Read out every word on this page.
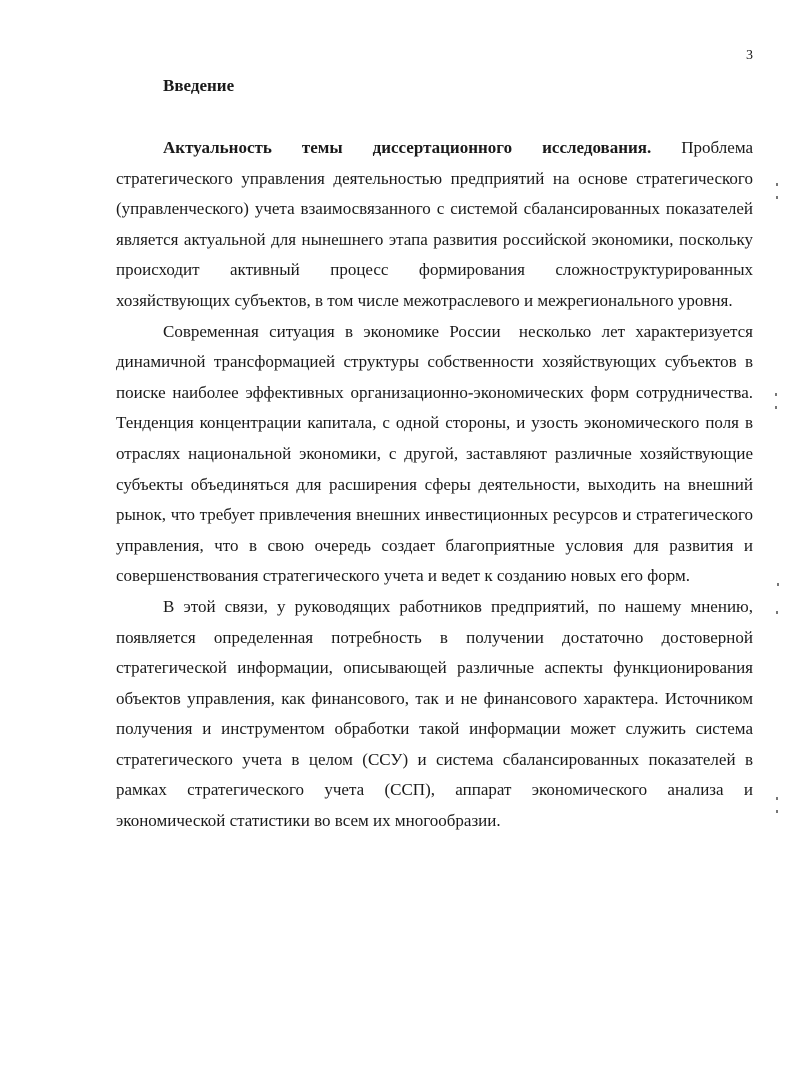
3
Введение

Актуальность темы диссертационного исследования. Проблема стратегического управления деятельностью предприятий на основе стратегического (управленческого) учета взаимосвязанного с системой сбалансированных показателей является актуальной для нынешнего этапа развития российской экономики, поскольку происходит активный процесс формирования сложноструктурированных хозяйствующих субъектов, в том числе межотраслевого и межрегионального уровня.

Современная ситуация в экономике России несколько лет характеризуется динамичной трансформацией структуры собственности хозяйствующих субъектов в поиске наиболее эффективных организационно-экономических форм сотрудничества. Тенденция концентрации капитала, с одной стороны, и узость экономического поля в отраслях национальной экономики, с другой, заставляют различные хозяйствующие субъекты объединяться для расширения сферы деятельности, выходить на внешний рынок, что требует привлечения внешних инвестиционных ресурсов и стратегического управления, что в свою очередь создает благоприятные условия для развития и совершенствования стратегического учета и ведет к созданию новых его форм.

В этой связи, у руководящих работников предприятий, по нашему мнению, появляется определенная потребность в получении достаточно достоверной стратегической информации, описывающей различные аспекты функционирования объектов управления, как финансового, так и не финансового характера. Источником получения и инструментом обработки такой информации может служить система стратегического учета в целом (ССУ) и система сбалансированных показателей в рамках стратегического учета (ССП), аппарат экономического анализа и экономической статистики во всем их многообразии.
